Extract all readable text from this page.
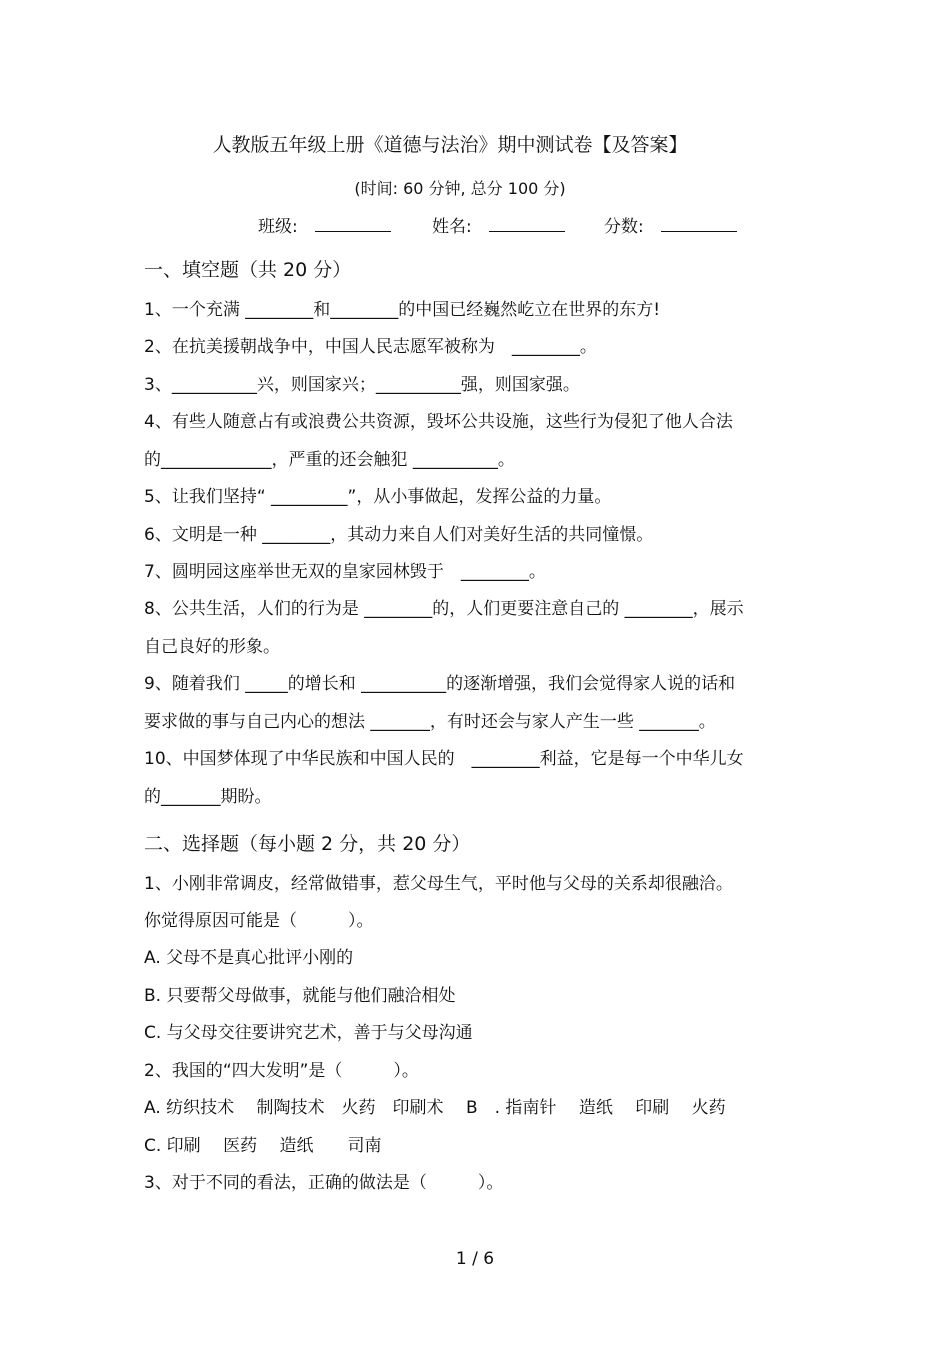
人教版五年级上册《道德与法治》期中测试卷【及答案】
(时间: 60 分钟, 总分 100 分)
班级:	姓名:	分数:
一、填空题（共 20 分）
1、一个充满 ________和________的中国已经巍然屹立在世界的东方!
2、在抗美援朝战争中，中国人民志愿军被称为　________。
3、__________兴，则国家兴；__________强，则国家强。
4、有些人随意占有或浪费公共资源，毁坏公共设施，这些行为侵犯了他人合法
的_____________，严重的还会触犯 __________。
5、让我们坚持“ _________”，从小事做起，发挥公益的力量。
6、文明是一种 ________，其动力来自人们对美好生活的共同憧憬。
7、圆明园这座举世无双的皇家园林毁于　________。
8、公共生活，人们的行为是 ________的，人们更要注意自己的 ________，展示
自己良好的形象。
9、随着我们 _____的增长和 __________的逐渐增强，我们会觉得家人说的话和
要求做的事与自己内心的想法 _______，有时还会与家人产生一些 _______。
10、中国梦体现了中华民族和中国人民的　________利益，它是每一个中华儿女
的_______期盼。
二、选择题（每小题 2 分，共 20 分）
1、小刚非常调皮，经常做错事，惹父母生气，平时他与父母的关系却很融洽。
你觉得原因可能是（　　　）。
A. 父母不是真心批评小刚的
B. 只要帮父母做事，就能与他们融洽相处
C. 与父母交往要讲究艺术，善于与父母沟通
2、我国的“四大发明”是（　　　）。
A. 纺织技术　 制陶技术　火药　印刷术　 B　. 指南针　 造纸　 印刷　 火药
C. 印刷　 医药　 造纸　　司南
3、对于不同的看法，正确的做法是（　　　）。
1 / 6
